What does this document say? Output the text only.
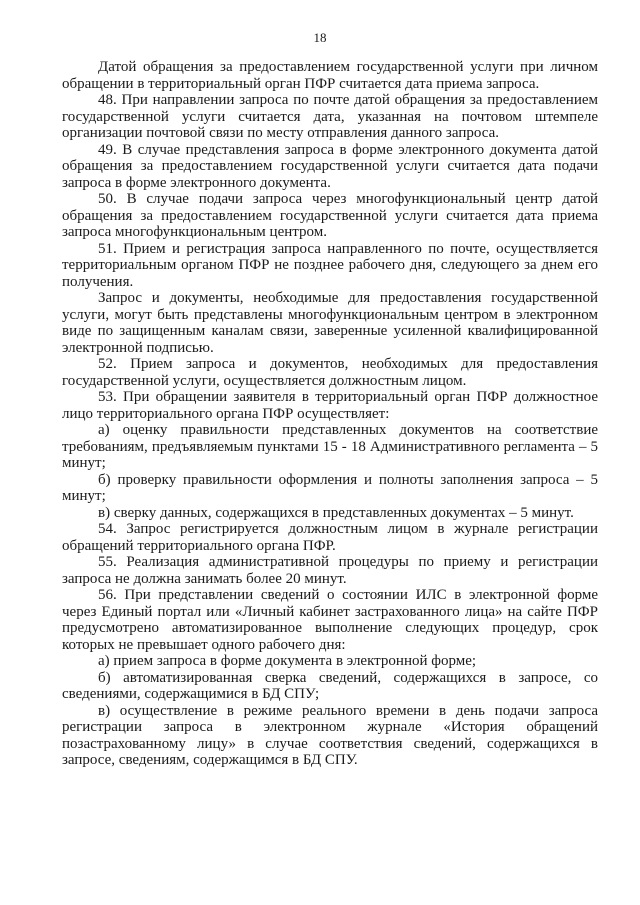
18

Датой обращения за предоставлением государственной услуги при личном обращении в территориальный орган ПФР считается дата приема запроса.

48. При направлении запроса по почте датой обращения за предоставлением государственной услуги считается дата, указанная на почтовом штемпеле организации почтовой связи по месту отправления данного запроса.

49. В случае представления запроса в форме электронного документа датой обращения за предоставлением государственной услуги считается дата подачи запроса в форме электронного документа.

50. В случае подачи запроса через многофункциональный центр датой обращения за предоставлением государственной услуги считается дата приема запроса многофункциональным центром.

51. Прием и регистрация запроса направленного по почте, осуществляется территориальным органом ПФР не позднее рабочего дня, следующего за днем его получения.

Запрос и документы, необходимые для предоставления государственной услуги, могут быть представлены многофункциональным центром в электронном виде по защищенным каналам связи, заверенные усиленной квалифицированной электронной подписью.

52. Прием запроса и документов, необходимых для предоставления государственной услуги, осуществляется должностным лицом.

53. При обращении заявителя в территориальный орган ПФР должностное лицо территориального органа ПФР осуществляет:

а) оценку правильности представленных документов на соответствие требованиям, предъявляемым пунктами 15 - 18 Административного регламента – 5 минут;

б) проверку правильности оформления и полноты заполнения запроса – 5 минут;

в) сверку данных, содержащихся в представленных документах – 5 минут.

54. Запрос регистрируется должностным лицом в журнале регистрации обращений территориального органа ПФР.

55. Реализация административной процедуры по приему и регистрации запроса не должна занимать более 20 минут.

56. При представлении сведений о состоянии ИЛС в электронной форме через Единый портал или «Личный кабинет застрахованного лица» на сайте ПФР предусмотрено автоматизированное выполнение следующих процедур, срок которых не превышает одного рабочего дня:

а) прием запроса в форме документа в электронной форме;

б) автоматизированная сверка сведений, содержащихся в запросе, со сведениями, содержащимися в БД СПУ;

в) осуществление в режиме реального времени в день подачи запроса регистрации запроса в электронном журнале «История обращений позастрахованному лицу» в случае соответствия сведений, содержащихся в запросе, сведениям, содержащимся в БД СПУ.
